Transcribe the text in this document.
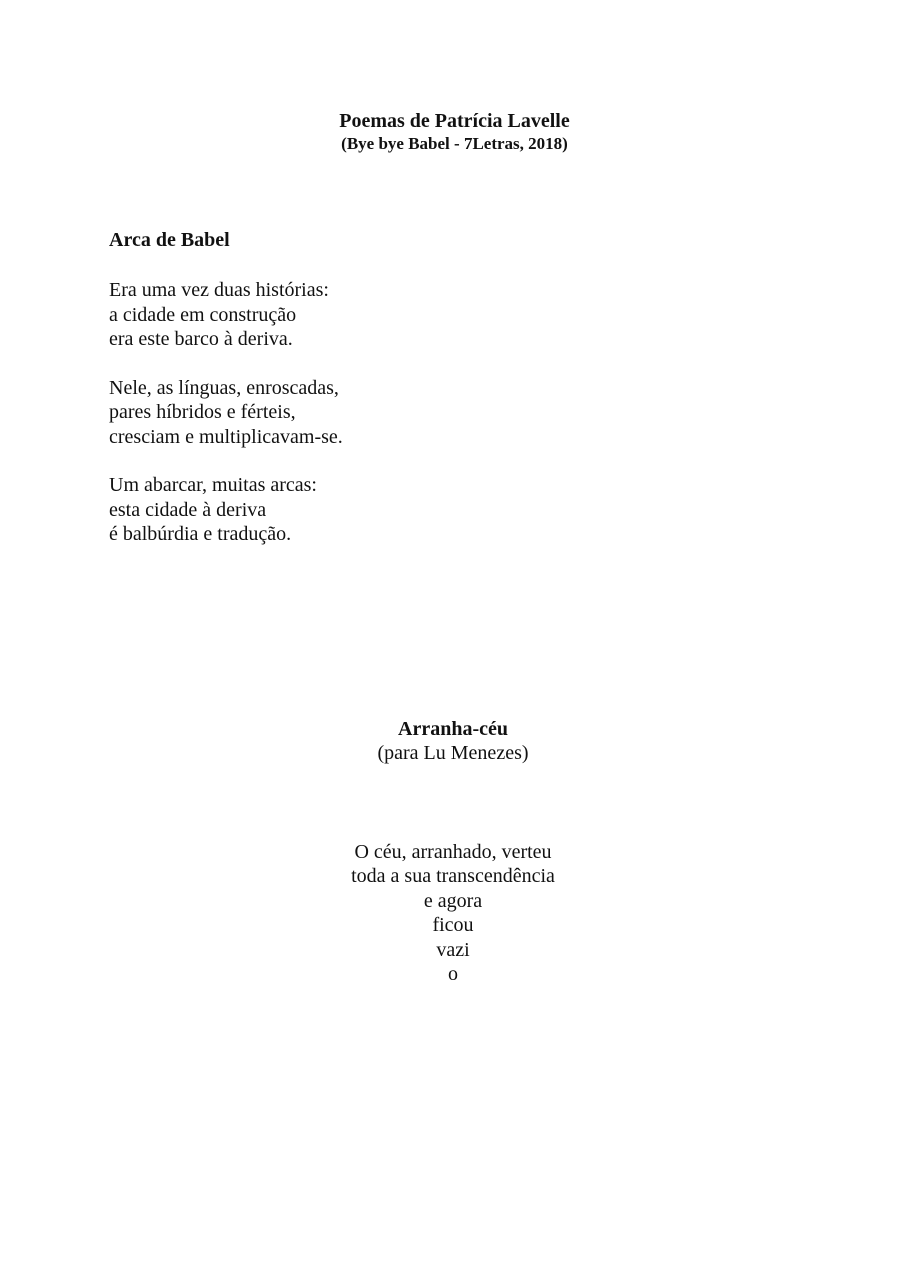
Poemas de Patrícia Lavelle
(Bye bye Babel - 7Letras, 2018)
Arca de Babel
Era uma vez duas histórias:
a cidade em construção
era este barco à deriva.
Nele, as línguas, enroscadas,
pares híbridos e férteis,
cresciam e multiplicavam-se.
Um abarcar, muitas arcas:
esta cidade à deriva
é balbúrdia e tradução.
Arranha-céu
(para Lu Menezes)
O céu, arranhado, verteu
toda a sua transcendência
e agora
ficou
vazi
o
